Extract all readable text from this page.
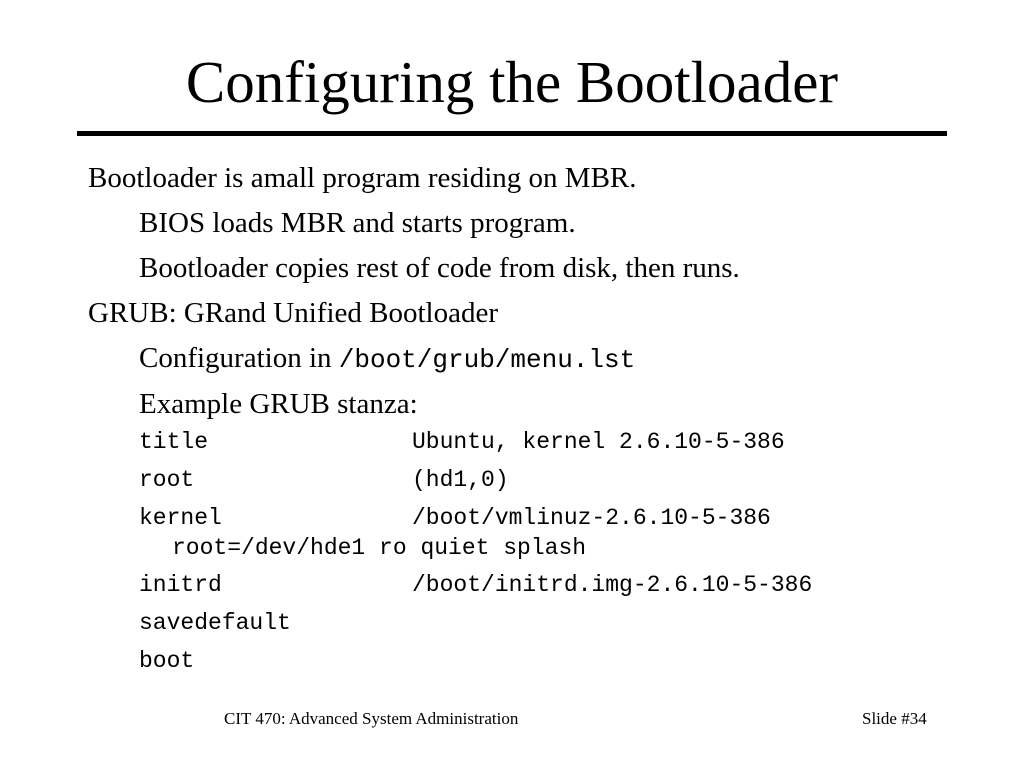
Configuring the Bootloader
Bootloader is amall program residing on MBR.
BIOS loads MBR and starts program.
Bootloader copies rest of code from disk, then runs.
GRUB: GRand Unified Bootloader
Configuration in /boot/grub/menu.lst
Example GRUB stanza:
title	Ubuntu, kernel 2.6.10-5-386
root	(hd1,0)
kernel	/boot/vmlinuz-2.6.10-5-386
root=/dev/hde1 ro quiet splash
initrd	/boot/initrd.img-2.6.10-5-386
savedefault
boot
CIT 470: Advanced System Administration	Slide #34
